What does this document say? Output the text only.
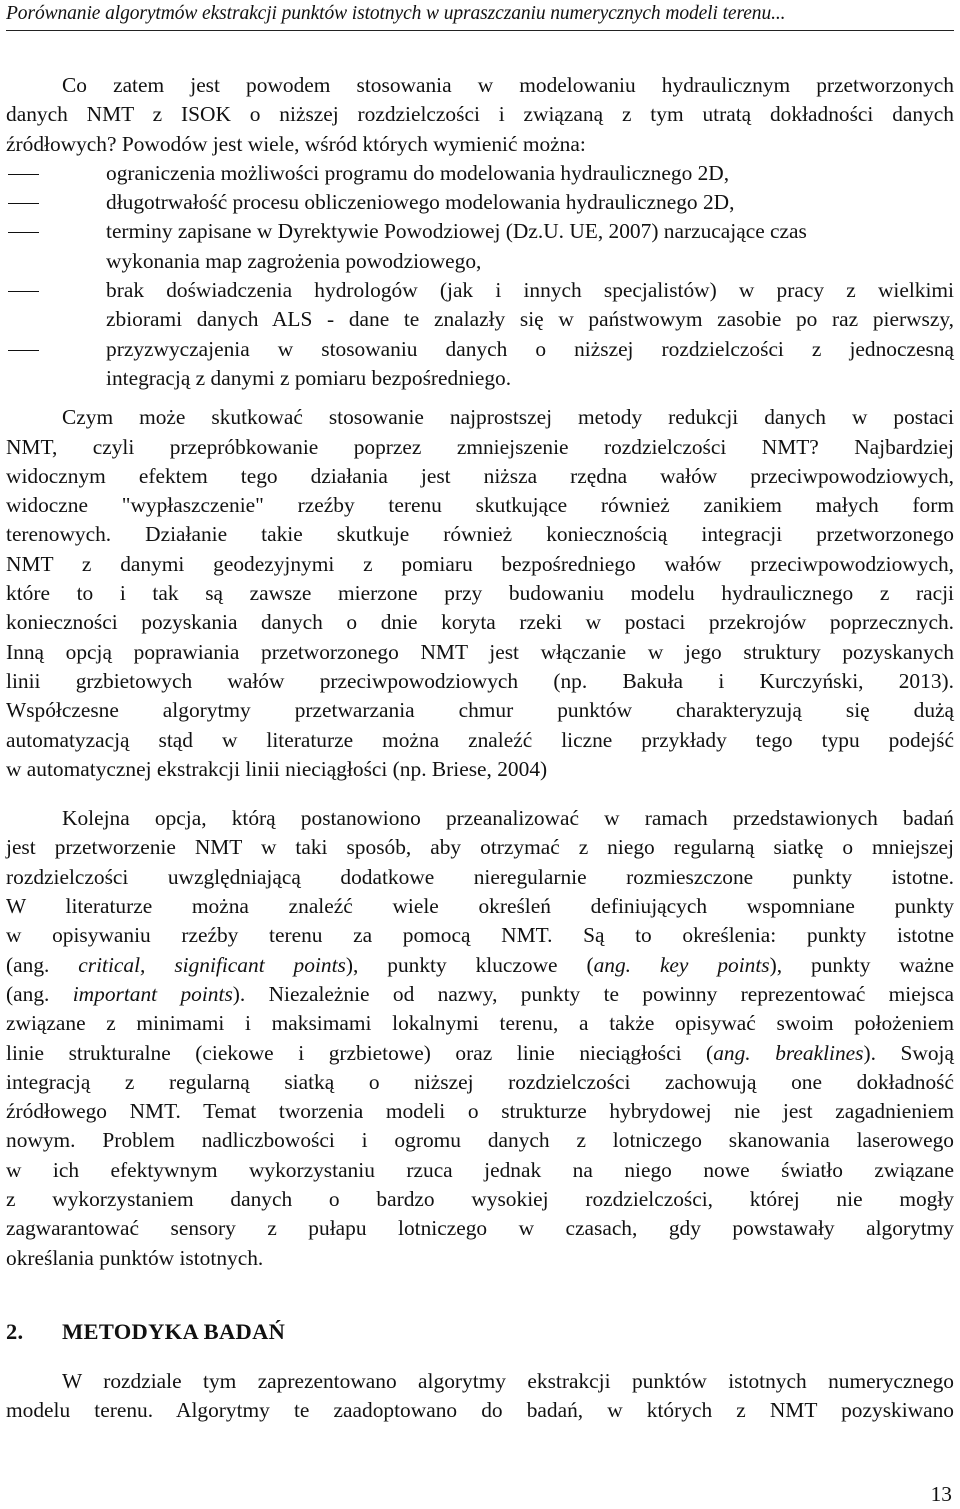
Porównanie algorytmów ekstrakcji punktów istotnych w upraszczaniu numerycznych modeli terenu...
Co zatem jest powodem stosowania w modelowaniu hydraulicznym przetworzonych
danych NMT z ISOK o niższej rozdzielczości i związaną z tym utratą dokładności danych
źródłowych? Powodów jest wiele, wśród których wymienić można:
ograniczenia możliwości programu do modelowania hydraulicznego 2D,
długotrwałość procesu obliczeniowego modelowania hydraulicznego 2D,
terminy zapisane w Dyrektywie Powodziowej (Dz.U. UE, 2007) narzucające czas
wykonania map zagrożenia powodziowego,
brak doświadczenia hydrologów (jak i innych specjalistów) w pracy z wielkimi
zbiorami danych ALS - dane te znalazły się w państwowym zasobie po raz pierwszy,
przyzwyczajenia w stosowaniu danych o niższej rozdzielczości z jednoczesną
integracją z danymi z pomiaru bezpośredniego.
Czym może skutkować stosowanie najprostszej metody redukcji danych w postaci
NMT, czyli przepróbkowanie poprzez zmniejszenie rozdzielczości NMT? Najbardziej
widocznym efektem tego działania jest niższa rzędna wałów przeciwpowodziowych,
widoczne "wypłaszczenie" rzeźby terenu skutkujące również zanikiem małych form
terenowych. Działanie takie skutkuje również koniecznością integracji przetworzonego
NMT z danymi geodezyjnymi z pomiaru bezpośredniego wałów przeciwpowodziowych,
które to i tak są zawsze mierzone przy budowaniu modelu hydraulicznego z racji
konieczności pozyskania danych o dnie koryta rzeki w postaci przekrojów poprzecznych.
Inną opcją poprawiania przetworzonego NMT jest włączanie w jego struktury pozyskanych
linii grzbietowych wałów przeciwpowodziowych (np. Bakuła i Kurczyński, 2013).
Współczesne algorytmy przetwarzania chmur punktów charakteryzują się dużą
automatyzacją stąd w literaturze można znaleźć liczne przykłady tego typu podejść
w automatycznej ekstrakcji linii nieciągłości (np. Briese, 2004)
Kolejna opcja, którą postanowiono przeanalizować w ramach przedstawionych badań
jest przetworzenie NMT w taki sposób, aby otrzymać z niego regularną siatkę o mniejszej
rozdzielczości uwzględniającą dodatkowe nieregularnie rozmieszczone punkty istotne.
W literaturze można znaleźć wiele określeń definiujących wspomniane punkty
w opisywaniu rzeźby terenu za pomocą NMT. Są to określenia: punkty istotne
(ang. critical, significant points), punkty kluczowe (ang. key points), punkty ważne
(ang. important points). Niezależnie od nazwy, punkty te powinny reprezentować miejsca
związane z minimami i maksimami lokalnymi terenu, a także opisywać swoim położeniem
linie strukturalne (ciekowe i grzbietowe) oraz linie nieciągłości (ang. breaklines). Swoją
integracją z regularną siatką o niższej rozdzielczości zachowują one dokładność
źródłowego NMT. Temat tworzenia modeli o strukturze hybrydowej nie jest zagadnieniem
nowym. Problem nadliczbowości i ogromu danych z lotniczego skanowania laserowego
w ich efektywnym wykorzystaniu rzuca jednak na niego nowe światło związane
z wykorzystaniem danych o bardzo wysokiej rozdzielczości, której nie mogły
zagwarantować sensory z pułapu lotniczego w czasach, gdy powstawały algorytmy
określania punktów istotnych.
2. METODYKA BADAŃ
W rozdziale tym zaprezentowano algorytmy ekstrakcji punktów istotnych numerycznego
modelu terenu. Algorytmy te zaadoptowano do badań, w których z NMT pozyskiwano
13
